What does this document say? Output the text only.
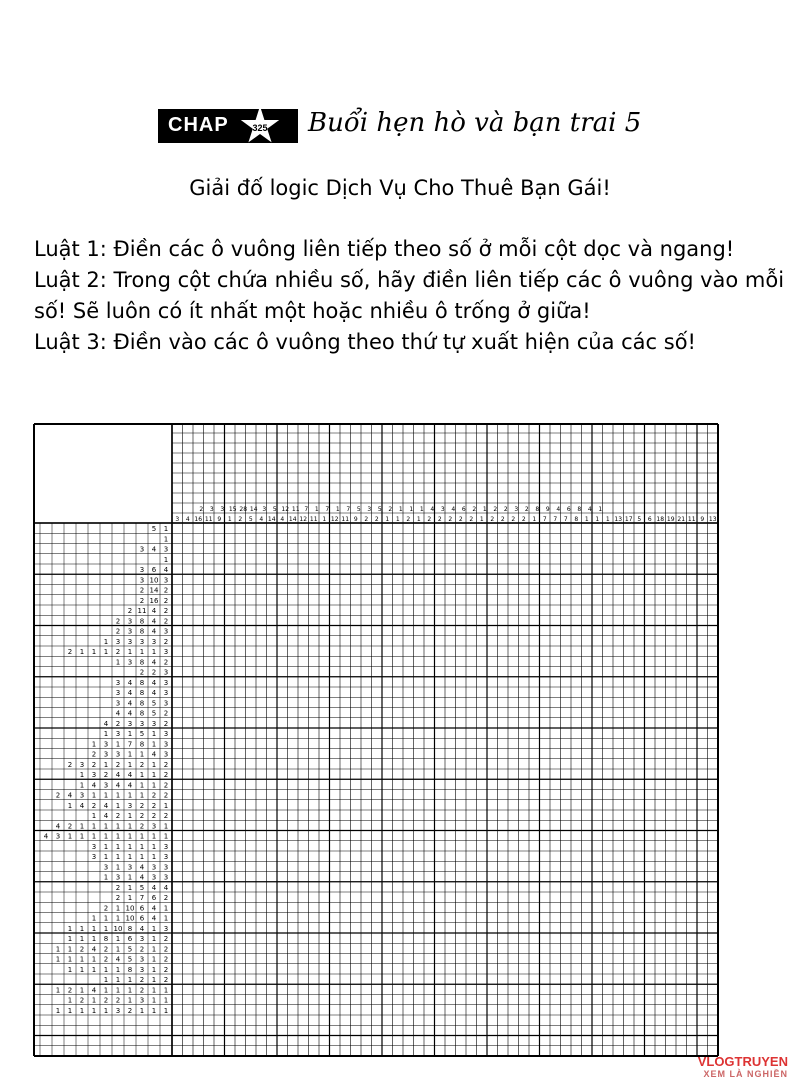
CHAP	325 Buổi hẹn hò và bạn trai 5
Giải đố logic Dịch Vụ Cho Thuê Bạn Gái!

Luật 1: Điền các ô vuông liên tiếp theo số ở mỗi cột dọc và ngang!

Luật 2: Trong cột chứa nhiều số, hãy điền liên tiếp các ô vuông vào mỗi số! Sẽ luôn có ít nhất một hoặc nhiều ô trống ở giữa!

Luật 3: Điền vào các ô vuông theo thứ tự xuất hiện của các số!

3 4 16 11 9 1 2 5 4 14 4 14 12 11 1 12 11 9 2 2 1 1 2 1 2 2 2 2 2 1 2 2 2 2 1 7 7 7 8 1 1 1 13 17 5 6 18 19 21 11 9 13
2 3 3 15 28 14 3 5 12 11 7 1 7 1 7 5 3 5 2 1 1 1 4 3 4 6 2 1 2 2 3 2 8 9 4 6 8 4 1
5 1
1
3 4 3
1
3 6 4
3 10 3
2 14 2
2 16 2
2 11 4 2
2 3 8 4 2
2 3 8 4 3
1 3 3 3 3 2
2 1 1 1 2 1 1 1 3
1 3 8 4 2
2 2 3
3 4 8 4 3
3 4 8 4 3
3 4 8 5 3
4 4 8 5 2
4 2 3 3 3 2
1 3 1 5 1 3
1 3 1 7 8 1 3
2 3 3 1 1 4 3
2 3 2 1 2 1 2 1 2
1 3 2 4 4 1 1 2
1 4 3 4 4 1 1 2
2 4 3 1 1 1 1 1 2 2
1 4 2 4 1 3 2 2 1
1 4 2 1 2 2 2
4 2 1 1 1 1 1 2 3 1
4 3 1 1 1 1 1 1 1 1 1
3 1 1 1 1 1 3
3 1 1 1 1 1 3
3 1 3 4 3 3
1 3 1 4 3 3
2 1 5 4 4
2 1 7 6 2
2 1 10 6 4 1
1 1 1 10 6 4 1
1 1 1 1 10 8 4 1 3
1 1 1 8 1 6 3 1 2
1 1 2 4 2 1 5 2 1 2
1 1 1 1 2 4 5 3 1 2
1 1 1 1 1 8 3 1 2
1 1 1 2 1 2
1 2 1 4 1 1 1 2 1 1
1 2 1 2 2 1 3 1 1
1 1 1 1 1 3 2 1 1 1
VLOGTRUYEN
XEM LÀ NGHIỀN
